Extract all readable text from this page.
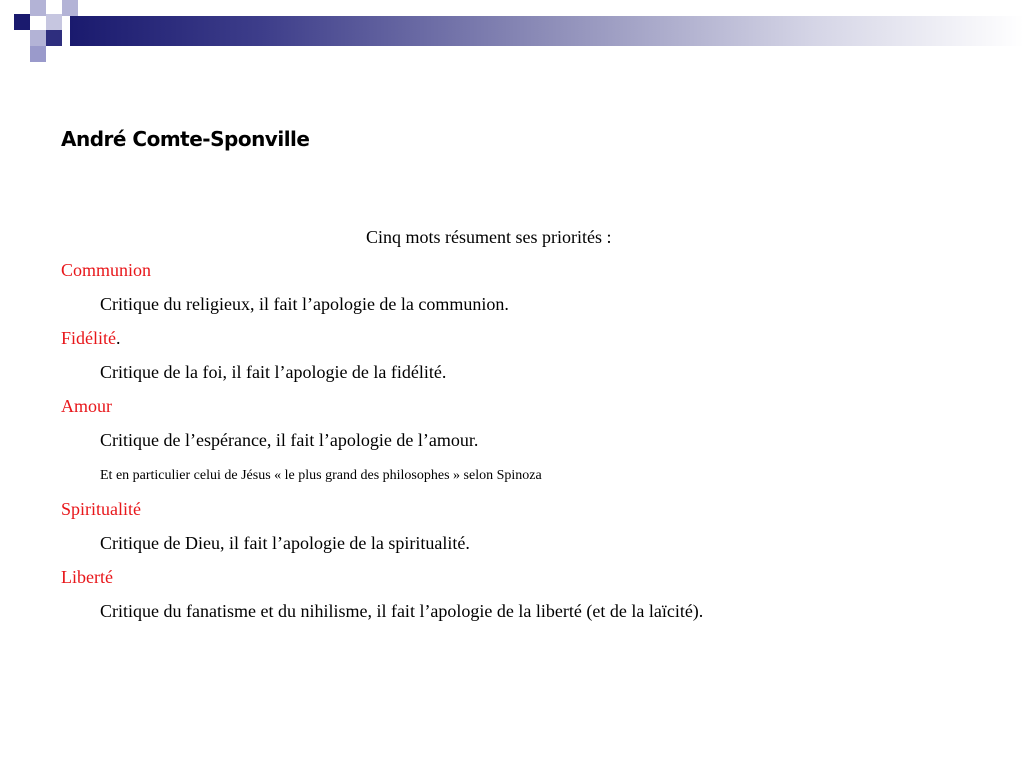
André Comte-Sponville
Cinq mots résument ses priorités :
Communion
Critique du religieux, il fait l’apologie de la communion.
Fidélité.
Critique de la foi, il fait l’apologie de la fidélité.
Amour
Critique de l’espérance, il fait l’apologie de l’amour.
Et en particulier celui de Jésus « le plus grand des philosophes » selon Spinoza
Spiritualité
Critique de Dieu, il fait l’apologie de la spiritualité.
Liberté
Critique du fanatisme et du nihilisme, il fait l’apologie de la liberté (et de la laïcité).
